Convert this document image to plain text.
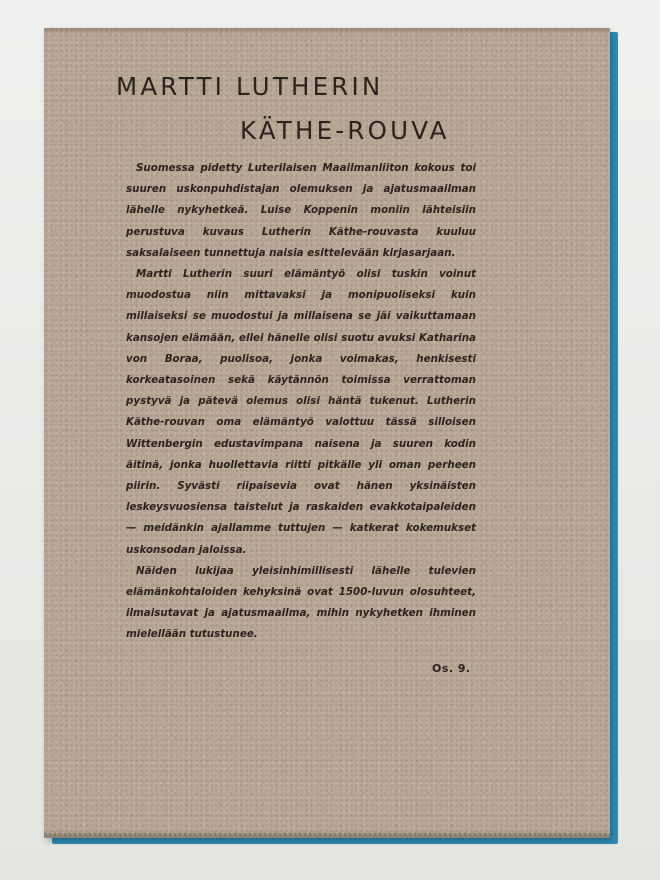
MARTTI LUTHERIN
KÄTHE-ROUVA

Suomessa pidetty Luterilaisen Maailmanliiton kokous toi suuren uskonpuhdistajan olemuksen ja ajatusmaailman lähelle nykyhetkeä. Luise Koppenin moniin lähteisiin perustuva kuvaus Lutherin Käthe-rouvasta kuuluu saksalaiseen tunnettuja naisia esittelevään kirjasarjaan.

Martti Lutherin suuri elämäntyö olisi tuskin voinut muodostua niin mittavaksi ja monipuoliseksi kuin millaiseksi se muodostui ja millaisena se jäi vaikuttamaan kansojen elämään, ellei hänelle olisi suotu avuksi Katharina von Boraa, puolisoa, jonka voimakas, henkisesti korkeatasoinen sekä käytännön toimissa verrattoman pystyvä ja pätevä olemus olisi häntä tukenut. Lutherin Käthe-rouvan oma elämäntyö valottuu tässä silloisen Wittenbergin edustavimpana naisena ja suuren kodin äitinä, jonka huollettavia riitti pitkälle yli oman perheen piirin. Syvästi riipaisevia ovat hänen yksinäisten leskeysvuosiensa taistelut ja raskaiden evakkotaipaleiden — meidänkin ajallamme tuttujen — katkerat kokemukset uskonsodan jaloissa.

Näiden lukijaa yleisinhimillisesti lähelle tulevien elämänkohtaloiden kehyksinä ovat 1500-luvun olosuhteet, ilmaisutavat ja ajatusmaailma, mihin nykyhetken ihminen mielellään tutustunee.

Os. 9.
